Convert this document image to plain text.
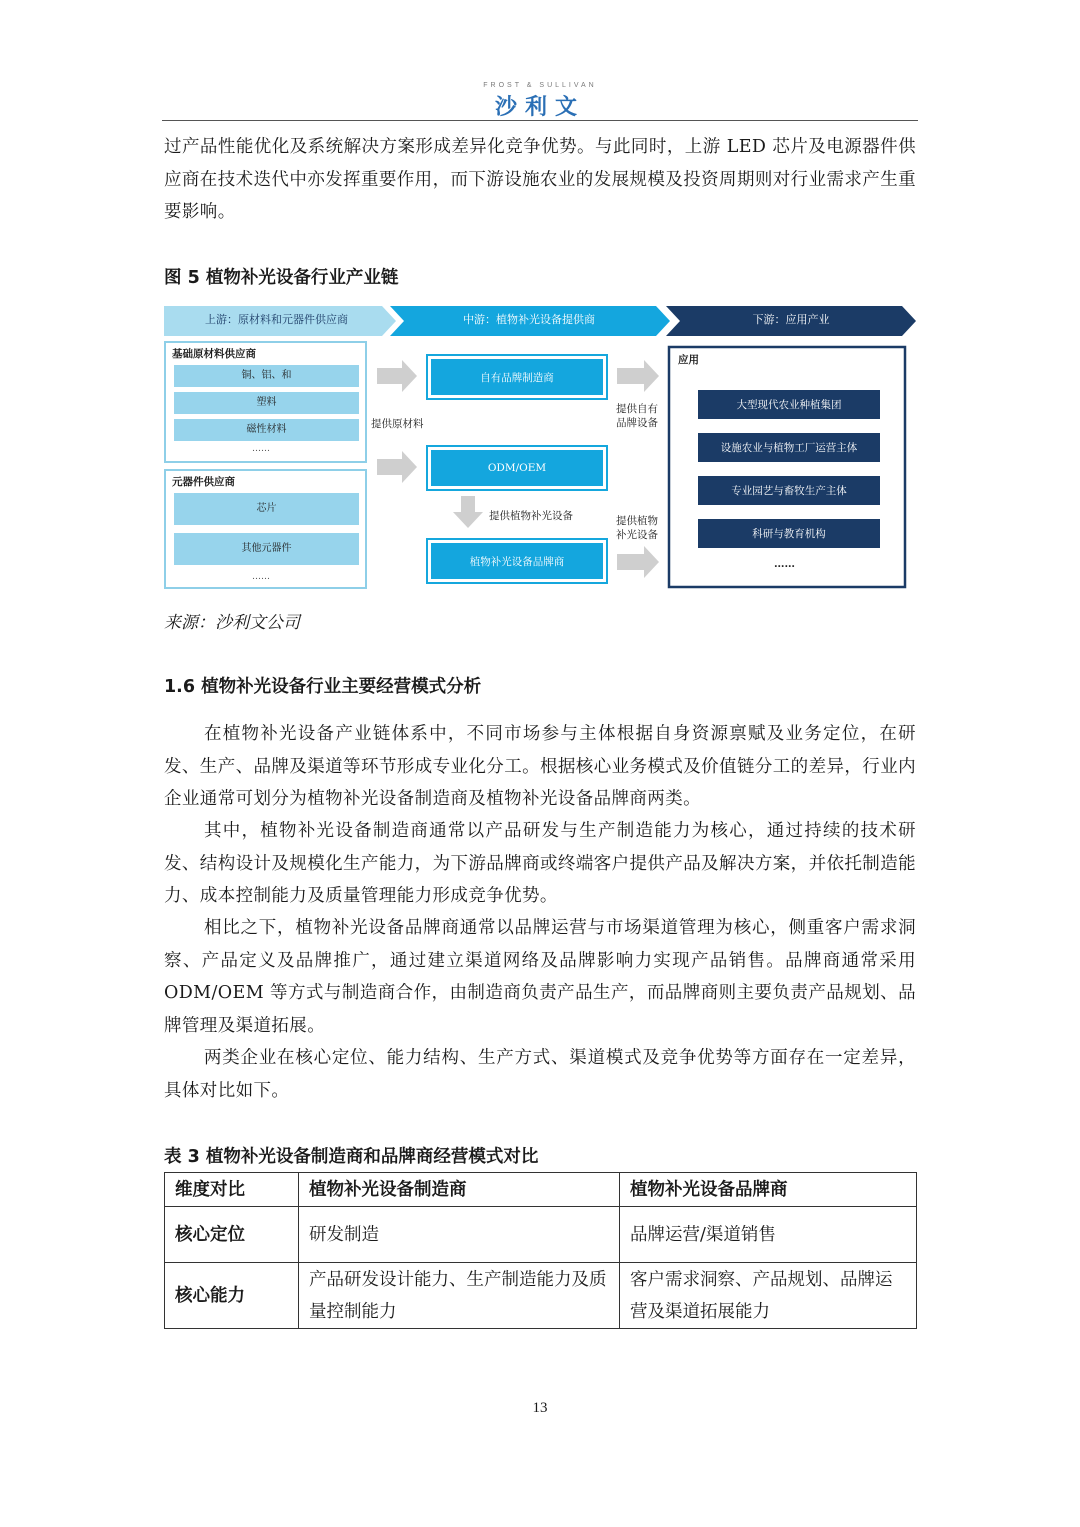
FROST & SULLIVAN
沙利文

过产品性能优化及系统解决方案形成差异化竞争优势。与此同时，上游 LED 芯片及电源器件供应商在技术迭代中亦发挥重要作用，而下游设施农业的发展规模及投资周期则对行业需求产生重要影响。

图 5 植物补光设备行业产业链
上游：原材料和元器件供应商	中游：植物补光设备提供商	下游：应用产业
基础原材料供应商
铜、铝、和
塑料
磁性材料
……
元器件供应商
芯片
其他元器件
……
提供原材料
自有品牌制造商
ODM/OEM
植物补光设备品牌商
提供植物补光设备
提供自有
品牌设备
提供植物
补光设备
应用
大型现代农业种植集团
设施农业与植物工厂运营主体
专业园艺与畜牧生产主体
科研与教育机构
……
来源：沙利文公司
1.6 植物补光设备行业主要经营模式分析

在植物补光设备产业链体系中，不同市场参与主体根据自身资源禀赋及业务定位，在研发、生产、品牌及渠道等环节形成专业化分工。根据核心业务模式及价值链分工的差异，行业内企业通常可划分为植物补光设备制造商及植物补光设备品牌商两类。

其中，植物补光设备制造商通常以产品研发与生产制造能力为核心，通过持续的技术研发、结构设计及规模化生产能力，为下游品牌商或终端客户提供产品及解决方案，并依托制造能力、成本控制能力及质量管理能力形成竞争优势。

相比之下，植物补光设备品牌商通常以品牌运营与市场渠道管理为核心，侧重客户需求洞察、产品定义及品牌推广，通过建立渠道网络及品牌影响力实现产品销售。品牌商通常采用 ODM/OEM 等方式与制造商合作，由制造商负责产品生产，而品牌商则主要负责产品规划、品牌管理及渠道拓展。

两类企业在核心定位、能力结构、生产方式、渠道模式及竞争优势等方面存在一定差异，具体对比如下。

表 3 植物补光设备制造商和品牌商经营模式对比
维度对比	植物补光设备制造商	植物补光设备品牌商
核心定位	研发制造	品牌运营/渠道销售
核心能力	产品研发设计能力、生产制造能力及质量控制能力	客户需求洞察、产品规划、品牌运营及渠道拓展能力
13
